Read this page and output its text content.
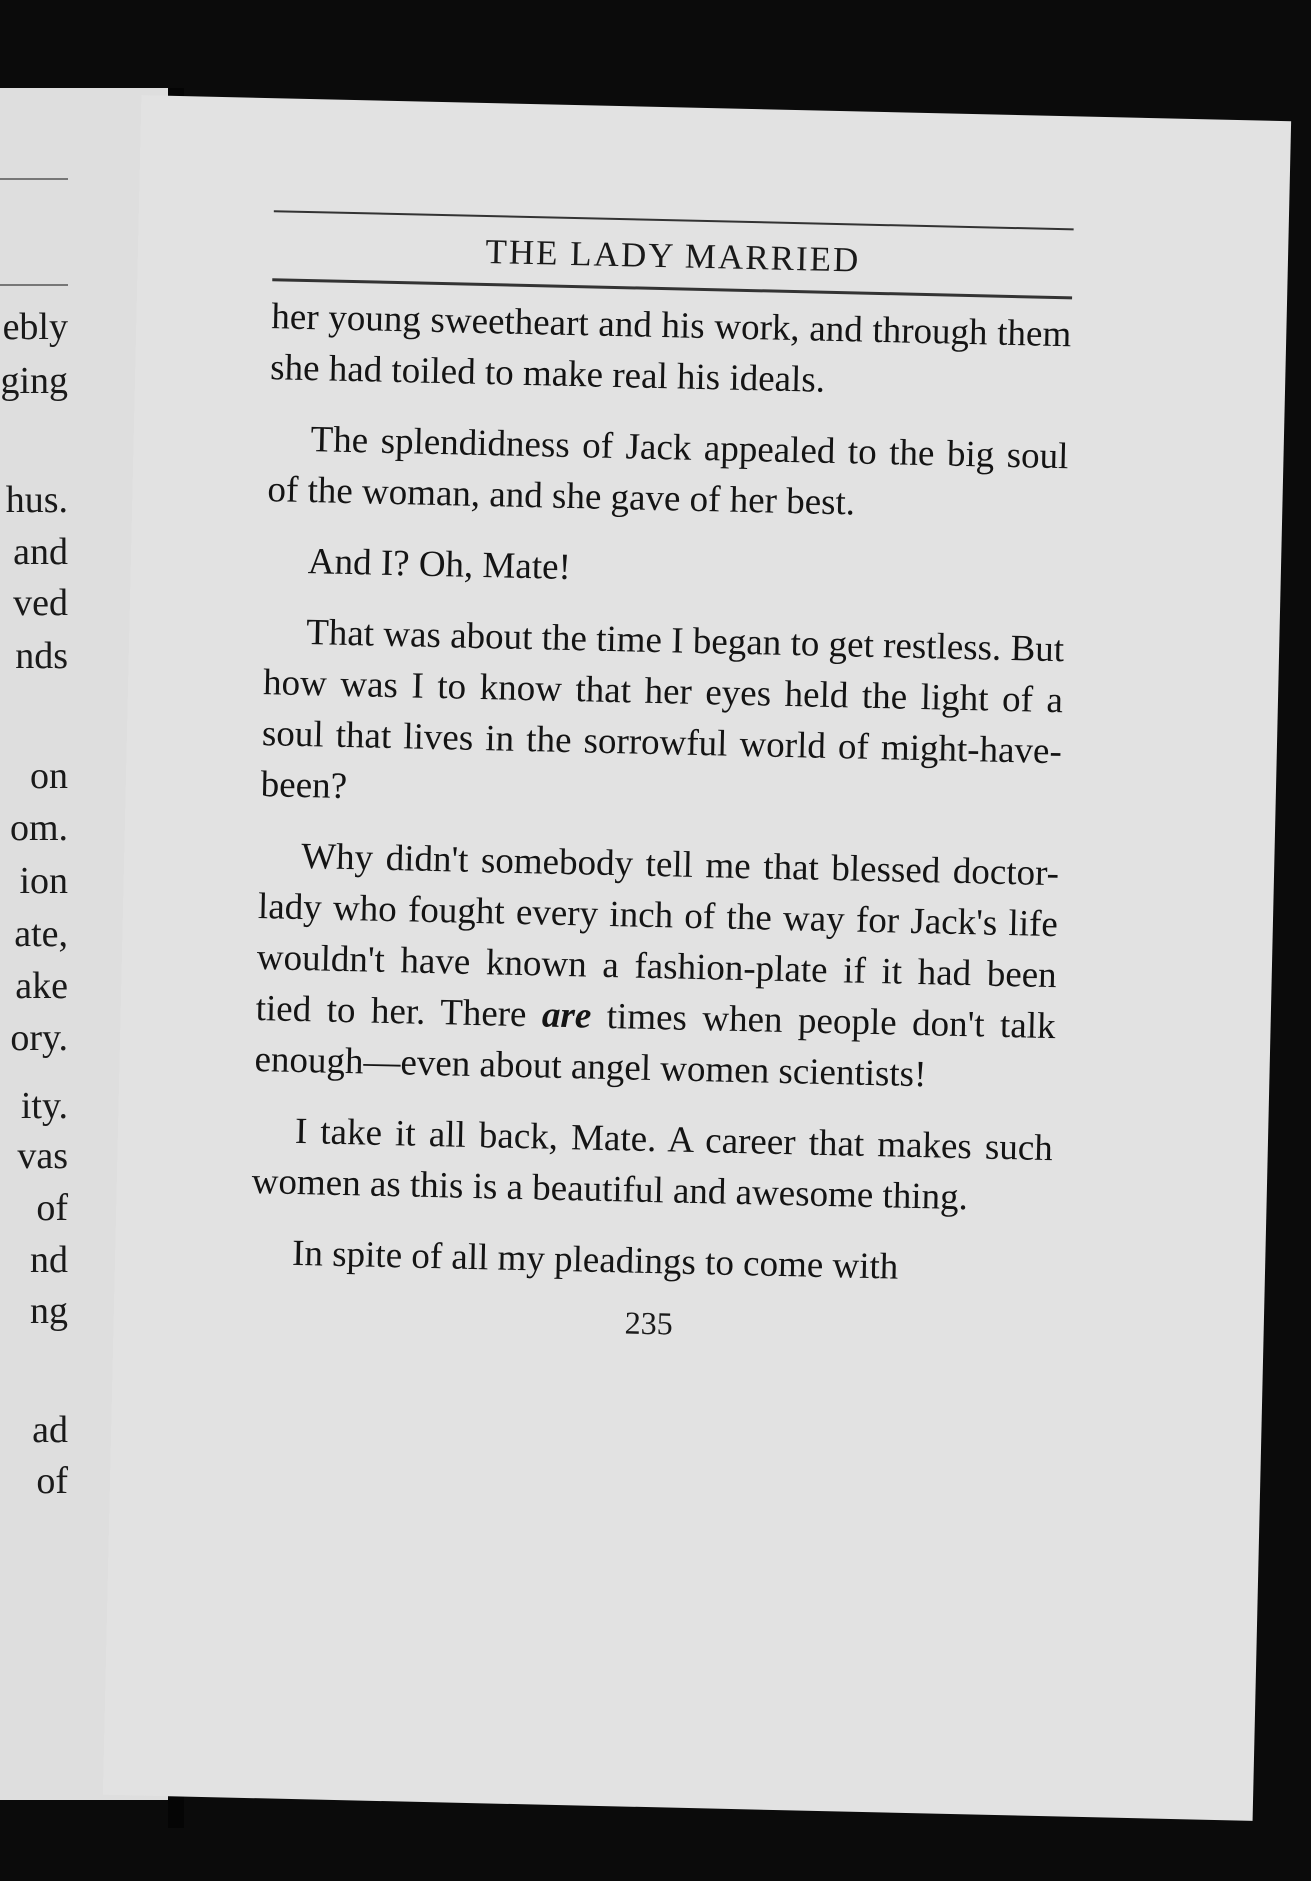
ebly
ging
hus.
and
ved
nds
on
om.
ion
ate,
ake
ory.
ity.
vas
of
nd
ng
ad
of
THE LADY MARRIED

her young sweetheart and his work, and through them she had toiled to make real his ideals.

The splendidness of Jack appealed to the big soul of the woman, and she gave of her best.

And I? Oh, Mate!

That was about the time I began to get restless. But how was I to know that her eyes held the light of a soul that lives in the sorrowful world of might-have-been?

Why didn't somebody tell me that blessed doctor-lady who fought every inch of the way for Jack's life wouldn't have known a fashion-plate if it had been tied to her. There are times when people don't talk enough—even about angel women scientists!

I take it all back, Mate. A career that makes such women as this is a beautiful and awesome thing.

In spite of all my pleadings to come with

235
